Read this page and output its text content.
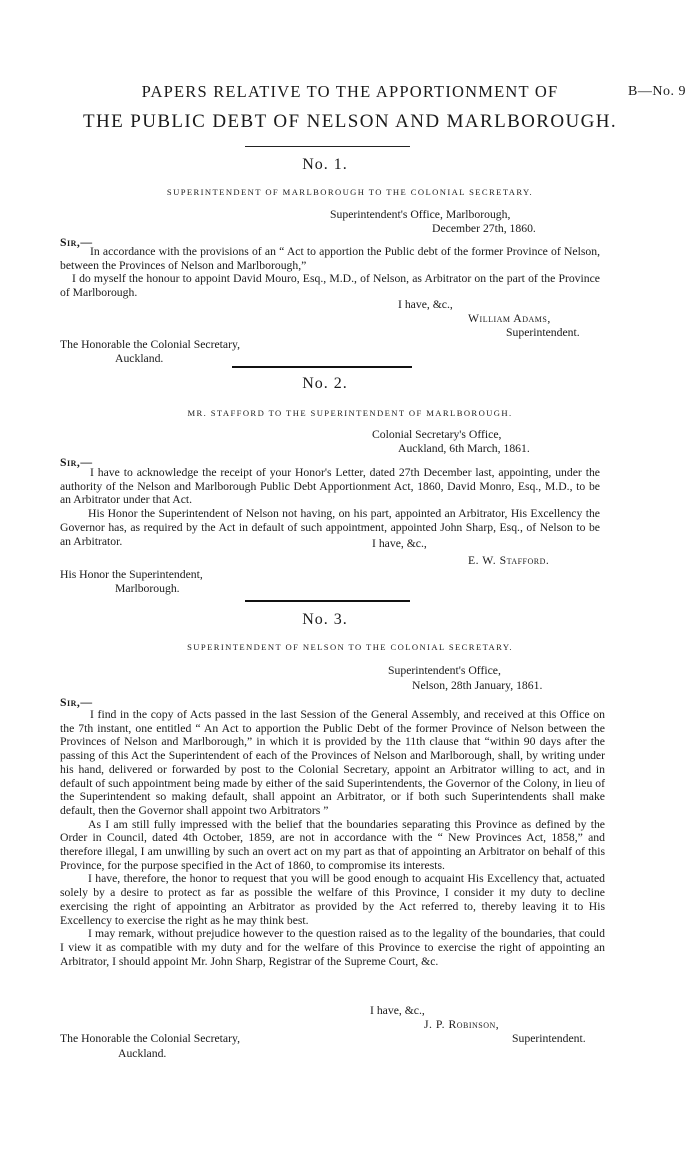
B—No. 9
PAPERS RELATIVE TO THE APPORTIONMENT OF
THE PUBLIC DEBT OF NELSON AND MARLBOROUGH.
No. 1.
SUPERINTENDENT OF MARLBOROUGH TO THE COLONIAL SECRETARY.
Superintendent's Office, Marlborough,
December 27th, 1860.
Sir,—

In accordance with the provisions of an “ Act to apportion the Public debt of the former Province of Nelson, between the Provinces of Nelson and Marlborough,”

I do myself the honour to appoint David Mouro, Esq., M.D., of Nelson, as Arbitrator on the part of the Province of Marlborough.

I have, &c.,
William Adams,
Superintendent.
The Honorable the Colonial Secretary,
Auckland.
No. 2.
MR. STAFFORD TO THE SUPERINTENDENT OF MARLBOROUGH.
Colonial Secretary's Office,
Auckland, 6th March, 1861.
Sir,—

I have to acknowledge the receipt of your Honor's Letter, dated 27th December last, appointing, under the authority of the Nelson and Marlborough Public Debt Apportionment Act, 1860, David Monro, Esq., M.D., to be an Arbitrator under that Act.

His Honor the Superintendent of Nelson not having, on his part, appointed an Arbitrator, His Excellency the Governor has, as required by the Act in default of such appointment, appointed John Sharp, Esq., of Nelson to be an Arbitrator.	I have, &c.,
E. W. Stafford.
His Honor the Superintendent,
Marlborough.
No. 3.
SUPERINTENDENT OF NELSON TO THE COLONIAL SECRETARY.
Superintendent's Office,
Nelson, 28th January, 1861.
Sir,—

I find in the copy of Acts passed in the last Session of the General Assembly, and received at this Office on the 7th instant, one entitled “ An Act to apportion the Public Debt of the former Province of Nelson between the Provinces of Nelson and Marlborough,” in which it is provided by the 11th clause that “within 90 days after the passing of this Act the Superintendent of each of the Provinces of Nelson and Marlborough, shall, by writing under his hand, delivered or forwarded by post to the Colonial Secretary, appoint an Arbitrator willing to act, and in default of such appointment being made by either of the said Superintendents, the Governor of the Colony, in lieu of the Superintendent so making default, shall appoint an Arbitrator, or if both such Superintendents shall make default, then the Governor shall appoint two Arbitrators ”

As I am still fully impressed with the belief that the boundaries separating this Province as defined by the Order in Council, dated 4th October, 1859, are not in accordance with the “ New Provinces Act, 1858,” and therefore illegal, I am unwilling by such an overt act on my part as that of appointing an Arbitrator on behalf of this Province, for the purpose specified in the Act of 1860, to compromise its interests.

I have, therefore, the honor to request that you will be good enough to acquaint His Excellency that, actuated solely by a desire to protect as far as possible the welfare of this Province, I consider it my duty to decline exercising the right of appointing an Arbitrator as provided by the Act referred to, thereby leaving it to His Excellency to exercise the right as he may think best.

I may remark, without prejudice however to the question raised as to the legality of the boundaries, that could I view it as compatible with my duty and for the welfare of this Province to exercise the right of appointing an Arbitrator, I should appoint Mr. John Sharp, Registrar of the Supreme Court, &c.

I have, &c.,
J. P. Robinson,
Superintendent.
The Honorable the Colonial Secretary,
Auckland.
